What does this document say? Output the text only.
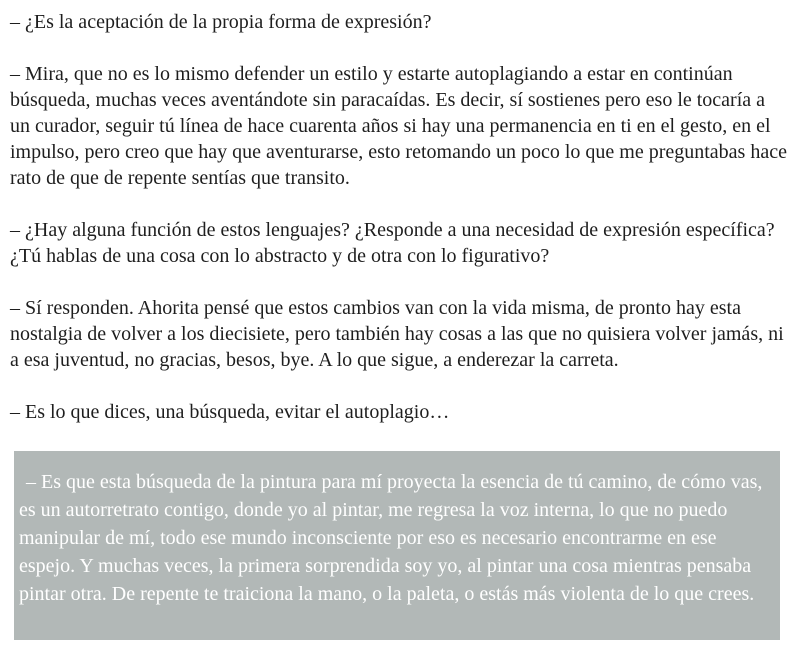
– ¿Es la aceptación de la propia forma de expresión?

– Mira, que no es lo mismo defender un estilo y estarte autoplagiando a estar en continúan búsqueda, muchas veces aventándote sin paracaídas. Es decir, sí sostienes pero eso le tocaría a un curador, seguir tú línea de hace cuarenta años si hay una permanencia en ti en el gesto, en el impulso, pero creo que hay que aventurarse, esto retomando un poco lo que me preguntabas hace rato de que de repente sentías que transito.

– ¿Hay alguna función de estos lenguajes? ¿Responde a una necesidad de expresión específica? ¿Tú hablas de una cosa con lo abstracto y de otra con lo figurativo?

– Sí responden. Ahorita pensé que estos cambios van con la vida misma, de pronto hay esta nostalgia de volver a los diecisiete, pero también hay cosas a las que no quisiera volver jamás, ni a esa juventud, no gracias, besos, bye. A lo que sigue, a enderezar la carreta.

– Es lo que dices, una búsqueda, evitar el autoplagio…

– Es que esta búsqueda de la pintura para mí proyecta la esencia de tú camino, de cómo vas, es un autorretrato contigo, donde yo al pintar, me regresa la voz interna, lo que no puedo manipular de mí, todo ese mundo inconsciente por eso es necesario encontrarme en ese espejo. Y muchas veces, la primera sorprendida soy yo, al pintar una cosa mientras pensaba pintar otra. De repente te traiciona la mano, o la paleta, o estás más violenta de lo que crees.
